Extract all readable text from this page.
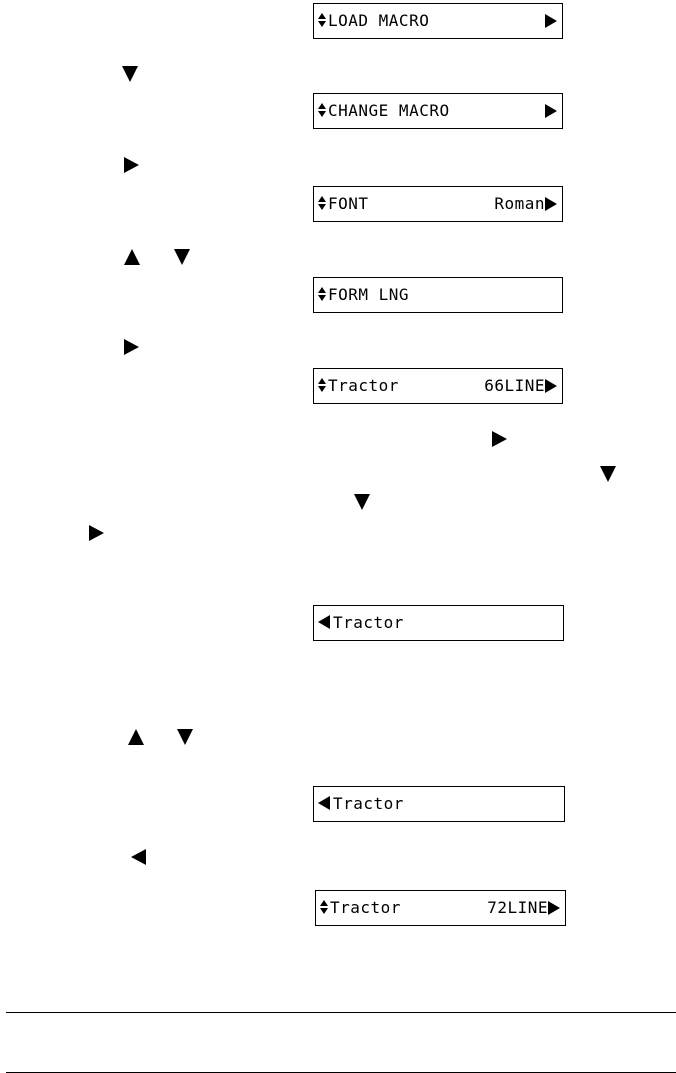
LOAD MACRO
CHANGE MACRO
FONT	Roman
FORM LNG
Tractor	66LINE
Tractor
Tractor
Tractor	72LINE
